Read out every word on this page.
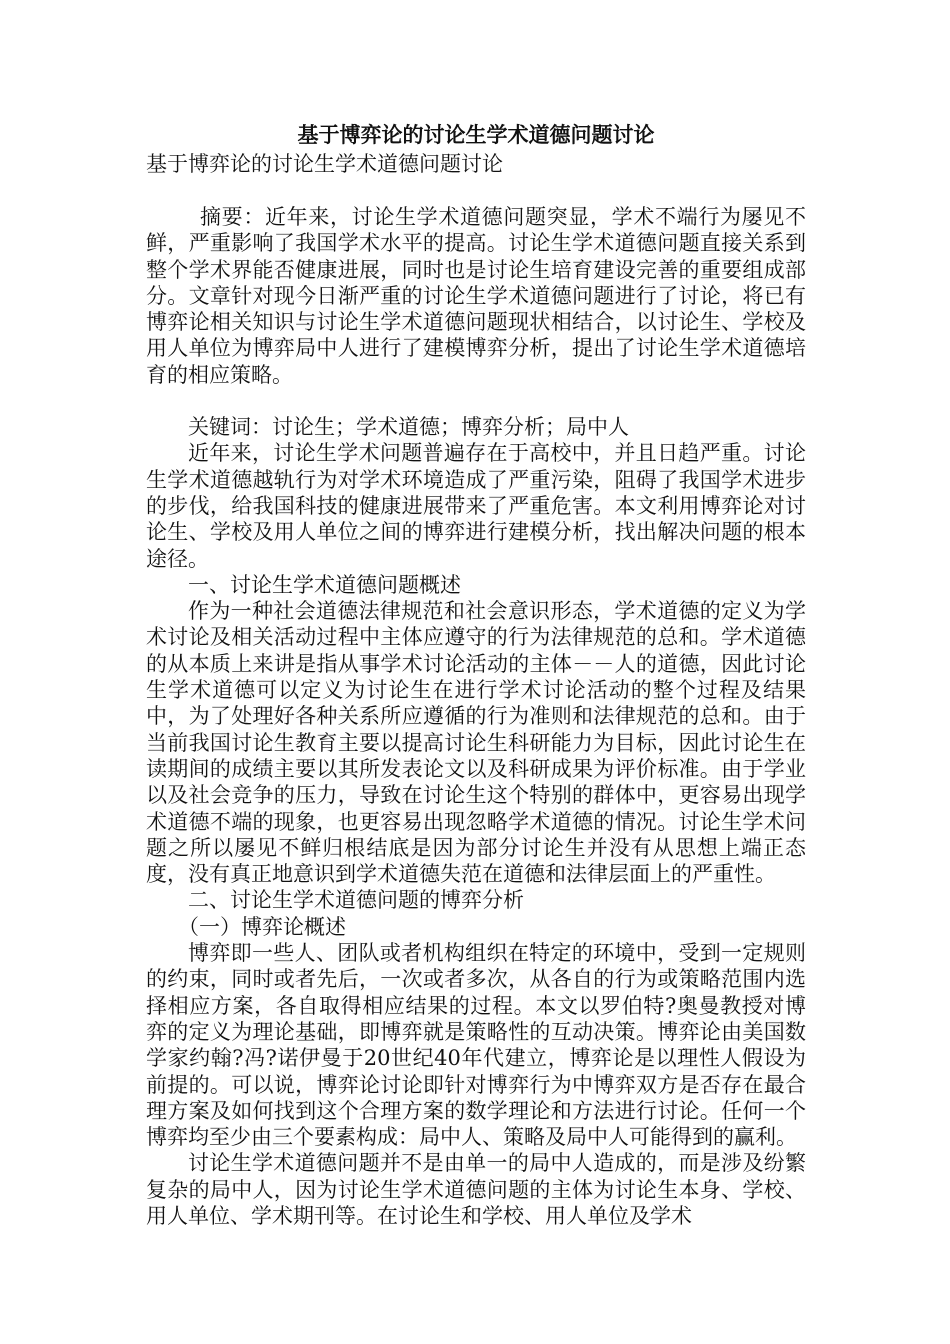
基于博弈论的讨论生学术道德问题讨论

基于博弈论的讨论生学术道德问题讨论

摘要：近年来，讨论生学术道德问题突显，学术不端行为屡见不鲜，严重影响了我国学术水平的提高。讨论生学术道德问题直接关系到整个学术界能否健康进展，同时也是讨论生培育建设完善的重要组成部分。文章针对现今日渐严重的讨论生学术道德问题进行了讨论，将已有博弈论相关知识与讨论生学术道德问题现状相结合，以讨论生、学校及用人单位为博弈局中人进行了建模博弈分析，提出了讨论生学术道德培育的相应策略。

关键词：讨论生；学术道德；博弈分析；局中人

近年来，讨论生学术问题普遍存在于高校中，并且日趋严重。讨论生学术道德越轨行为对学术环境造成了严重污染，阻碍了我国学术进步的步伐，给我国科技的健康进展带来了严重危害。本文利用博弈论对讨论生、学校及用人单位之间的博弈进行建模分析，找出解决问题的根本途径。

一、讨论生学术道德问题概述

作为一种社会道德法律规范和社会意识形态，学术道德的定义为学术讨论及相关活动过程中主体应遵守的行为法律规范的总和。学术道德的从本质上来讲是指从事学术讨论活动的主体－－人的道德，因此讨论生学术道德可以定义为讨论生在进行学术讨论活动的整个过程及结果中，为了处理好各种关系所应遵循的行为准则和法律规范的总和。由于当前我国讨论生教育主要以提高讨论生科研能力为目标，因此讨论生在读期间的成绩主要以其所发表论文以及科研成果为评价标准。由于学业以及社会竞争的压力，导致在讨论生这个特别的群体中，更容易出现学术道德不端的现象，也更容易出现忽略学术道德的情况。讨论生学术问题之所以屡见不鲜归根结底是因为部分讨论生并没有从思想上端正态度，没有真正地意识到学术道德失范在道德和法律层面上的严重性。

二、讨论生学术道德问题的博弈分析

（一）博弈论概述

博弈即一些人、团队或者机构组织在特定的环境中，受到一定规则的约束，同时或者先后，一次或者多次，从各自的行为或策略范围内选择相应方案，各自取得相应结果的过程。本文以罗伯特?奥曼教授对博弈的定义为理论基础，即博弈就是策略性的互动决策。博弈论由美国数学家约翰?冯?诺伊曼于20世纪40年代建立，博弈论是以理性人假设为前提的。可以说，博弈论讨论即针对博弈行为中博弈双方是否存在最合理方案及如何找到这个合理方案的数学理论和方法进行讨论。任何一个博弈均至少由三个要素构成：局中人、策略及局中人可能得到的赢利。

讨论生学术道德问题并不是由单一的局中人造成的，而是涉及纷繁复杂的局中人，因为讨论生学术道德问题的主体为讨论生本身、学校、用人单位、学术期刊等。在讨论生和学校、用人单位及学术
